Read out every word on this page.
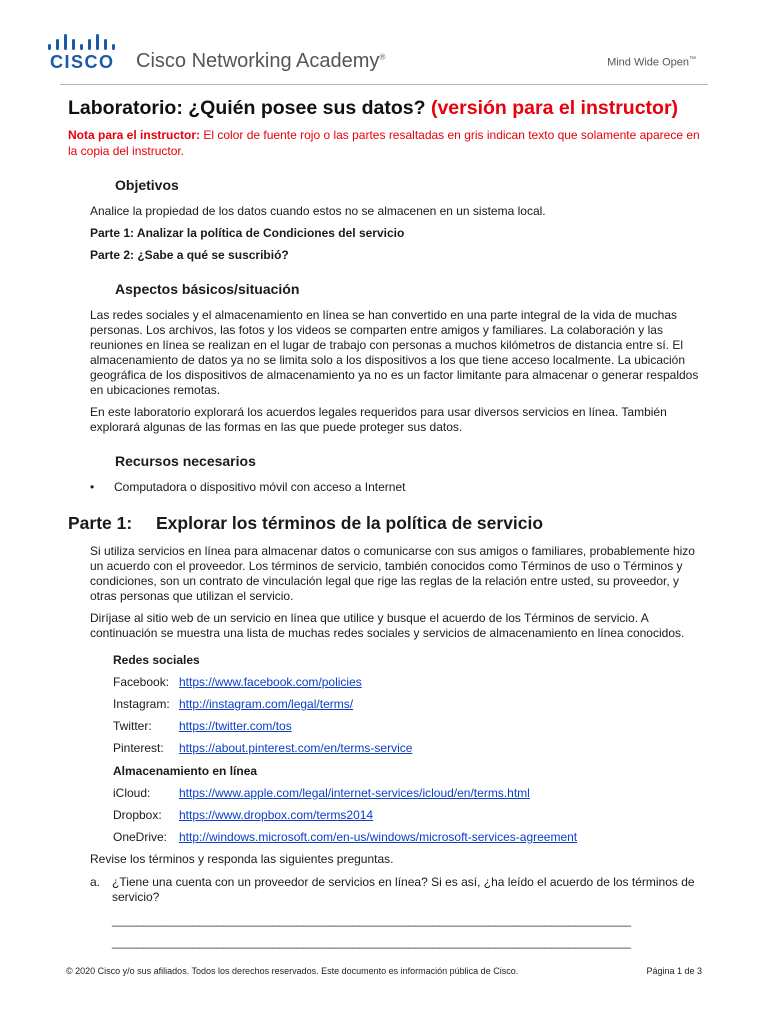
CISCO Cisco Networking Academy®	Mind Wide Open™
Laboratorio: ¿Quién posee sus datos? (versión para el instructor)
Nota para el instructor: El color de fuente rojo o las partes resaltadas en gris indican texto que solamente aparece en la copia del instructor.
Objetivos
Analice la propiedad de los datos cuando estos no se almacenen en un sistema local.
Parte 1: Analizar la política de Condiciones del servicio
Parte 2: ¿Sabe a qué se suscribió?
Aspectos básicos/situación
Las redes sociales y el almacenamiento en línea se han convertido en una parte integral de la vida de muchas personas. Los archivos, las fotos y los videos se comparten entre amigos y familiares. La colaboración y las reuniones en línea se realizan en el lugar de trabajo con personas a muchos kilómetros de distancia entre sí. El almacenamiento de datos ya no se limita solo a los dispositivos a los que tiene acceso localmente. La ubicación geográfica de los dispositivos de almacenamiento ya no es un factor limitante para almacenar o generar respaldos en ubicaciones remotas.
En este laboratorio explorará los acuerdos legales requeridos para usar diversos servicios en línea. También explorará algunas de las formas en las que puede proteger sus datos.
Recursos necesarios
• Computadora o dispositivo móvil con acceso a Internet
Parte 1: Explorar los términos de la política de servicio
Si utiliza servicios en línea para almacenar datos o comunicarse con sus amigos o familiares, probablemente hizo un acuerdo con el proveedor. Los términos de servicio, también conocidos como Términos de uso o Términos y condiciones, son un contrato de vinculación legal que rige las reglas de la relación entre usted, su proveedor, y otras personas que utilizan el servicio.
Diríjase al sitio web de un servicio en línea que utilice y busque el acuerdo de los Términos de servicio. A continuación se muestra una lista de muchas redes sociales y servicios de almacenamiento en línea conocidos.
Redes sociales
Facebook: https://www.facebook.com/policies
Instagram: http://instagram.com/legal/terms/
Twitter:	https://twitter.com/tos
Pinterest:	https://about.pinterest.com/en/terms-service
Almacenamiento en línea
iCloud:	https://www.apple.com/legal/internet-services/icloud/en/terms.html
Dropbox:	https://www.dropbox.com/terms2014
OneDrive: http://windows.microsoft.com/en-us/windows/microsoft-services-agreement
Revise los términos y responda las siguientes preguntas.
a. ¿Tiene una cuenta con un proveedor de servicios en línea? Si es así, ¿ha leído el acuerdo de los términos de servicio?
____________________________________________________________________________________
____________________________________________________________________________________
© 2020 Cisco y/o sus afiliados. Todos los derechos reservados. Este documento es información pública de Cisco.	Página 1 de 3
